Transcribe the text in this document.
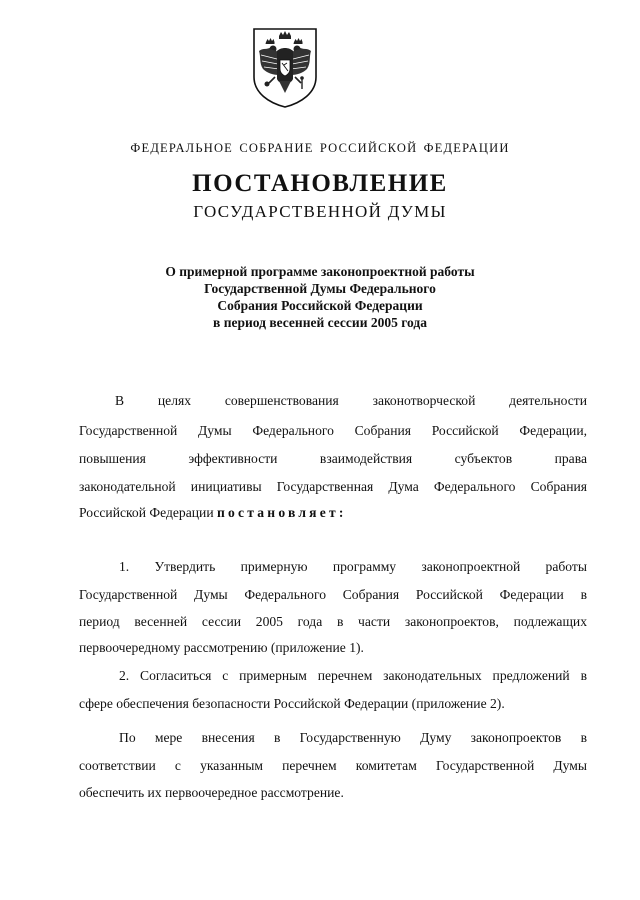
ФЕДЕРАЛЬНОЕ СОБРАНИЕ РОССИЙСКОЙ ФЕДЕРАЦИИ
ПОСТАНОВЛЕНИЕ
ГОСУДАРСТВЕННОЙ ДУМЫ
О примерной программе законопроектной работы
Государственной Думы Федерального
Собрания Российской Федерации
в период весенней сессии 2005 года
В целях совершенствования законотворческой деятельности
Государственной Думы Федерального Собрания Российской Федерации,
повышения эффективности взаимодействия субъектов права
законодательной инициативы Государственная Дума Федерального Собрания
Российской Федерации постановляет:
1. Утвердить примерную программу законопроектной работы
Государственной Думы Федерального Собрания Российской Федерации в
период весенней сессии 2005 года в части законопроектов, подлежащих
первоочередному рассмотрению (приложение 1).
2. Согласиться с примерным перечнем законодательных предложений в
сфере обеспечения безопасности Российской Федерации (приложение 2).
По мере внесения в Государственную Думу законопроектов в
соответствии с указанным перечнем комитетам Государственной Думы
обеспечить их первоочередное рассмотрение.
